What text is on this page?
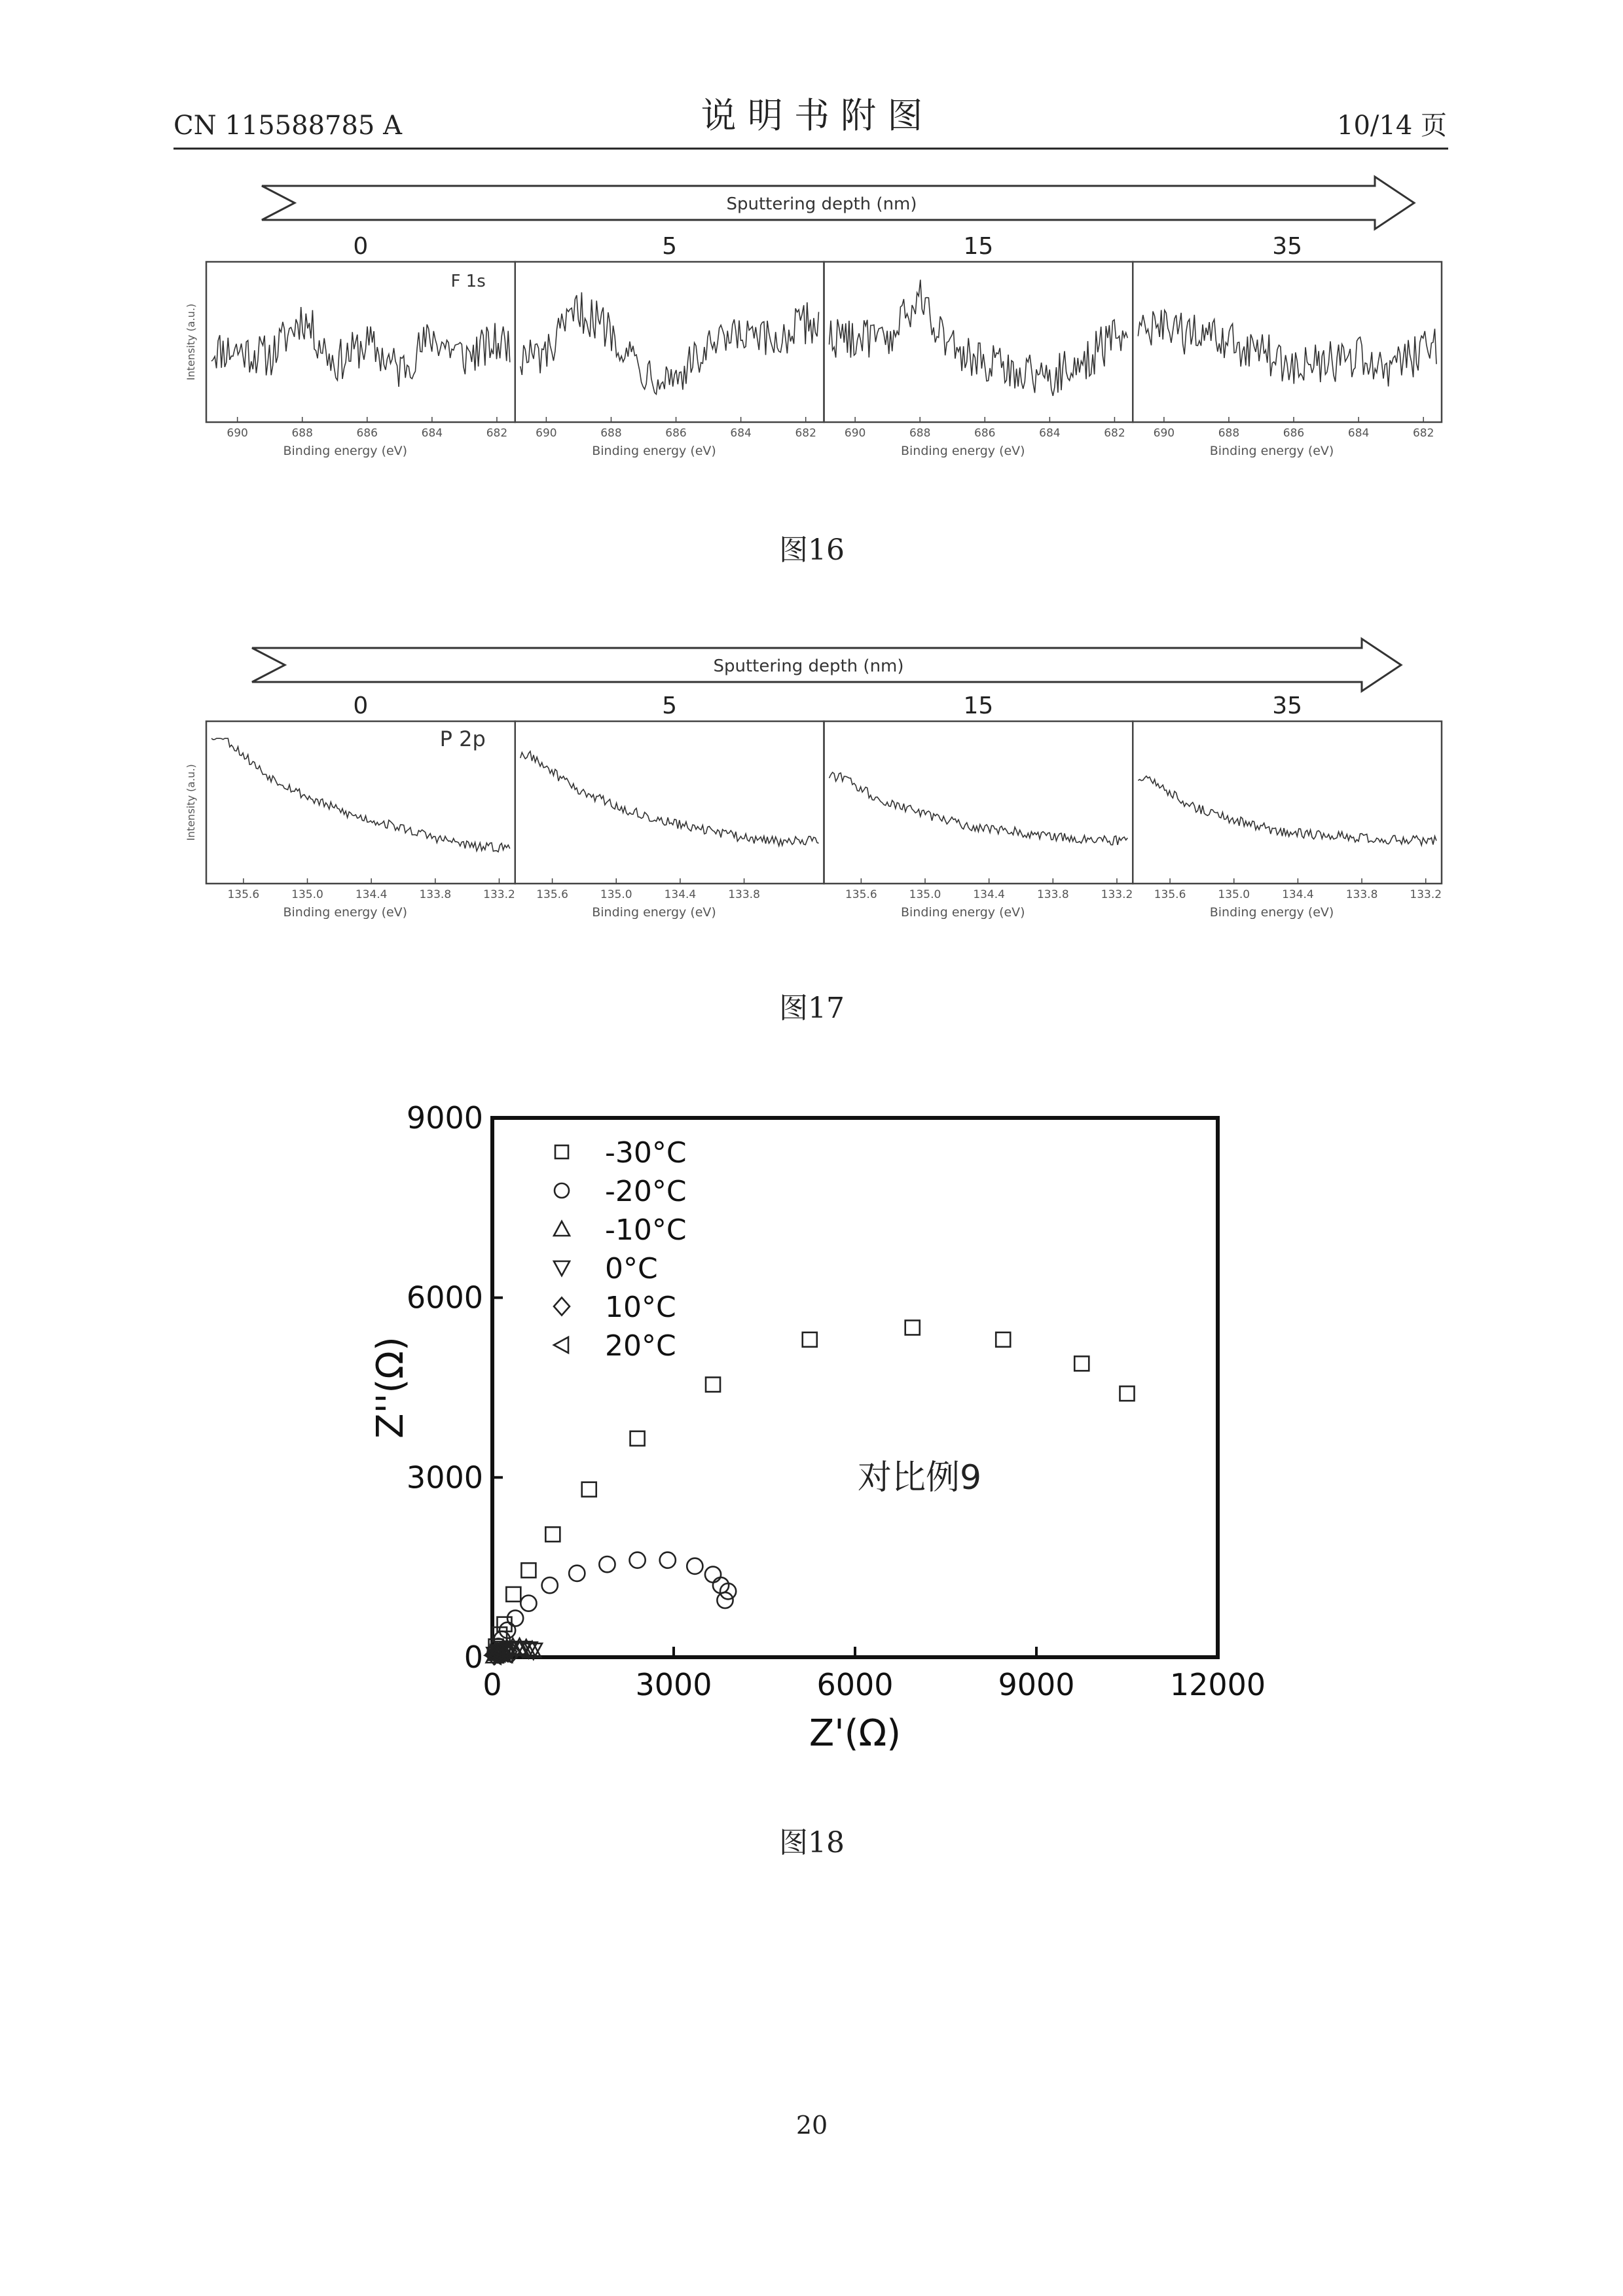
CN 115588785 A	说 明 书 附 图	10/14 页
Sputtering depth (nm)
Intensity (a.u.)
0
F 1s
690	688	686	684	682
Binding energy (eV)
5
690	688	686	684	682
Binding energy (eV)
15
690	688	686	684	682
Binding energy (eV)
35
690	688	686	684	682
Binding energy (eV)
图16
Sputtering depth (nm)
Intensity (a.u.)
0
P 2p
135.6	135.0	134.4	133.8	133.2
Binding energy (eV)
5
135.6	135.0	134.4	133.8
Binding energy (eV)
15
135.6	135.0	134.4	133.8	133.2
Binding energy (eV)
35
135.6	135.0	134.4	133.8	133.2
Binding energy (eV)
图17
0	3000	6000	9000	12000
0
3000
6000
9000
Z'(Ω)
Z''(Ω)
-30°C
-20°C
-10°C
0°C
10°C
20°C
对比例9
图18
20
